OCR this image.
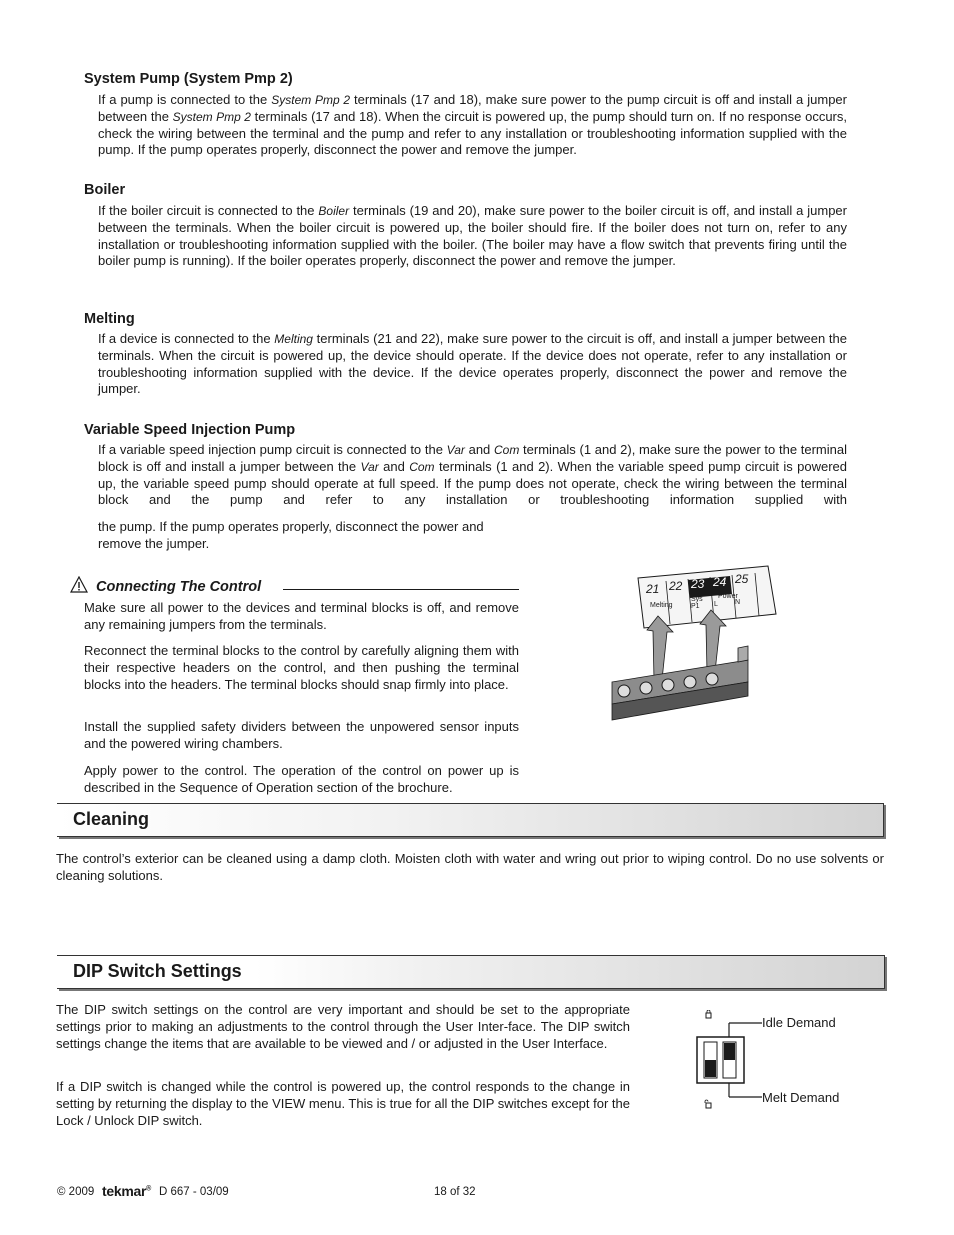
System Pump (System Pmp 2)
If a pump is connected to the System Pmp 2 terminals (17 and 18), make sure power to the pump circuit is off and install a jumper between the System Pmp 2 terminals (17 and 18). When the circuit is powered up, the pump should turn on. If no response occurs, check the wiring between the terminal and the pump and refer to any installation or troubleshooting information supplied with the pump. If the pump operates properly, disconnect the power and remove the jumper.
Boiler
If the boiler circuit is connected to the Boiler terminals (19 and 20), make sure power to the boiler circuit is off, and install a jumper between the terminals. When the boiler circuit is powered up, the boiler should fire. If the boiler does not turn on, refer to any installation or troubleshooting information supplied with the boiler. (The boiler may have a flow switch that prevents firing until the boiler pump is running). If the boiler operates properly, disconnect the power and remove the jumper.
Melting
If a device is connected to the Melting terminals (21 and 22), make sure power to the circuit is off, and install a jumper between the terminals. When the circuit is powered up, the device should operate. If the device does not operate, refer to any installation or troubleshooting information supplied with the device. If the device operates properly, disconnect the power and remove the jumper.
Variable Speed Injection Pump
If a variable speed injection pump circuit is connected to the Var and Com terminals (1 and 2), make sure the power to the terminal block is off and install a jumper between the Var and Com terminals (1 and 2). When the variable speed pump circuit is powered up, the variable speed pump should operate at full speed. If the pump does not operate, check the wiring between the terminal block and the pump and refer to any installation or troubleshooting information supplied with
the pump. If the pump operates properly, disconnect the power and remove the jumper.
Connecting The Control
Make sure all power to the devices and terminal blocks is off, and remove any remaining jumpers from the terminals.
Reconnect the terminal blocks to the control by carefully aligning them with their respective headers on the control, and then pushing the terminal blocks into the headers. The terminal blocks should snap firmly into place.
Install the supplied safety dividers between the unpowered sensor inputs and the powered wiring chambers.
Apply power to the control. The operation of the control on power up is described in the Sequence of Operation section of the brochure.
21 22 23 24 25
Melting
Sys
P1
Power
L N
Cleaning
The control’s exterior can be cleaned using a damp cloth. Moisten cloth with water and wring out prior to wiping control. Do no use solvents or cleaning solutions.
DIP Switch Settings
The DIP switch settings on the control are very important and should be set to the appropriate settings prior to making an adjustments to the control through the User Inter-face. The DIP switch settings change the items that are available to be viewed and / or adjusted in the User Interface.
If a DIP switch is changed while the control is powered up, the control responds to the change in setting by returning the display to the VIEW menu. This is true for all the DIP switches except for the Lock / Unlock DIP switch.
Idle Demand
Melt Demand
© 2009 tekmar® D 667 - 03/09	18 of 32
